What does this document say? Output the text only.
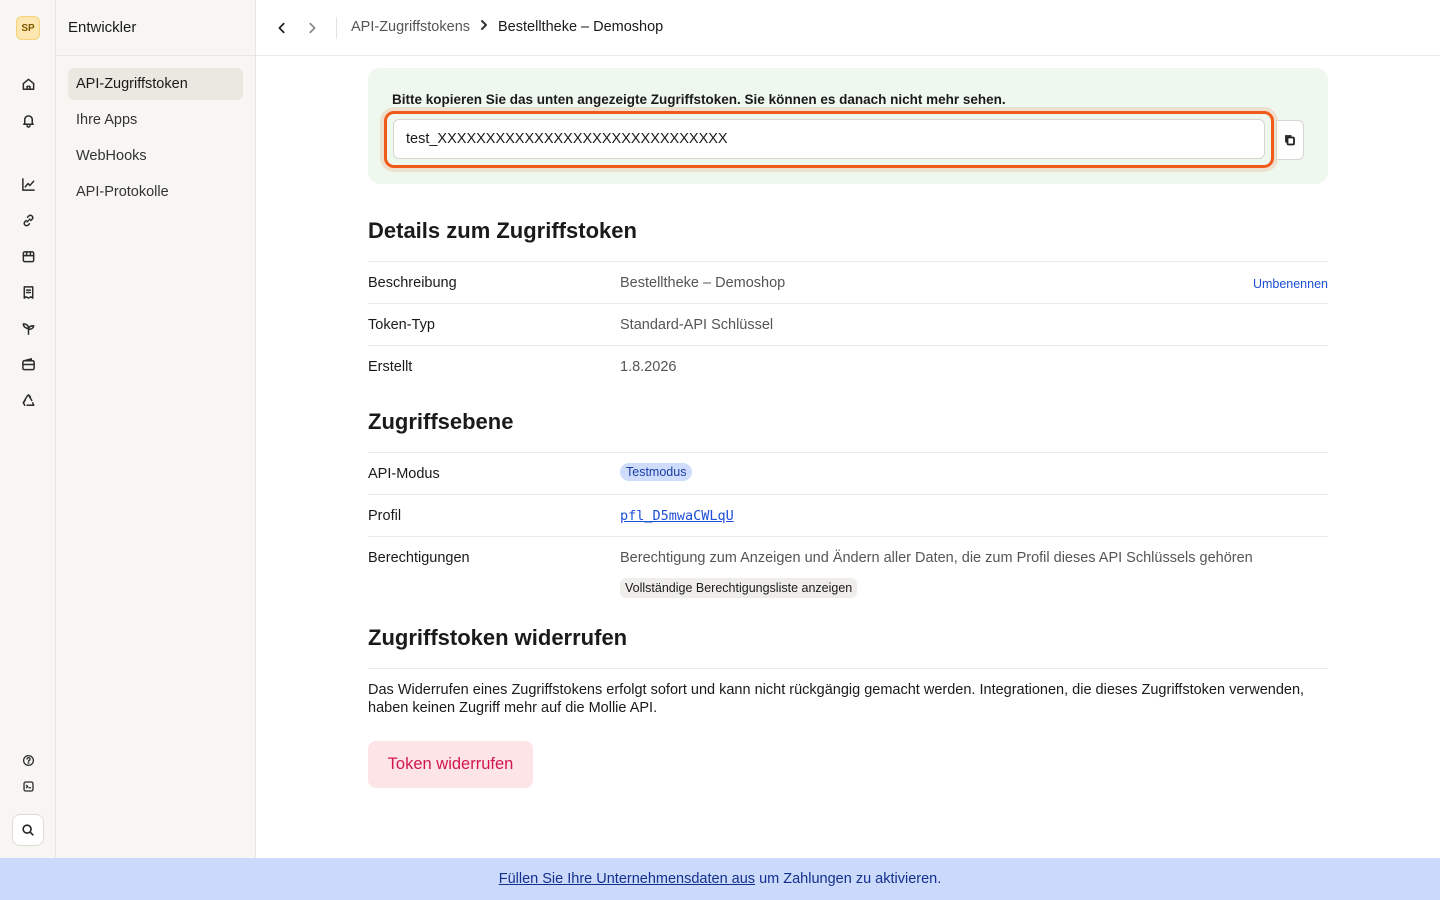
SP	Entwickler
API-Zugriffstoken
Ihre Apps
WebHooks
API-Protokolle
API-Zugriffstokens Bestelltheke – Demoshop
Bitte kopieren Sie das unten angezeigte Zugriffstoken. Sie können es danach nicht mehr sehen.
test_XXXXXXXXXXXXXXXXXXXXXXXXXXXXXX
Details zum Zugriffstoken
Beschreibung	Bestelltheke – Demoshop	Umbenennen
Token-Typ	Standard-API Schlüssel
Erstellt	1.8.2026
Zugriffsebene
API-Modus	Testmodus
Profil	pfl_D5mwaCWLqU
Berechtigungen	Berechtigung zum Anzeigen und Ändern aller Daten, die zum Profil dieses API Schlüssels gehören
Vollständige Berechtigungsliste anzeigen
Zugriffstoken widerrufen
Das Widerrufen eines Zugriffstokens erfolgt sofort und kann nicht rückgängig gemacht werden. Integrationen, die dieses Zugriffstoken verwenden, haben keinen Zugriff mehr auf die Mollie API.
Token widerrufen
Füllen Sie Ihre Unternehmensdaten aus um Zahlungen zu aktivieren.
